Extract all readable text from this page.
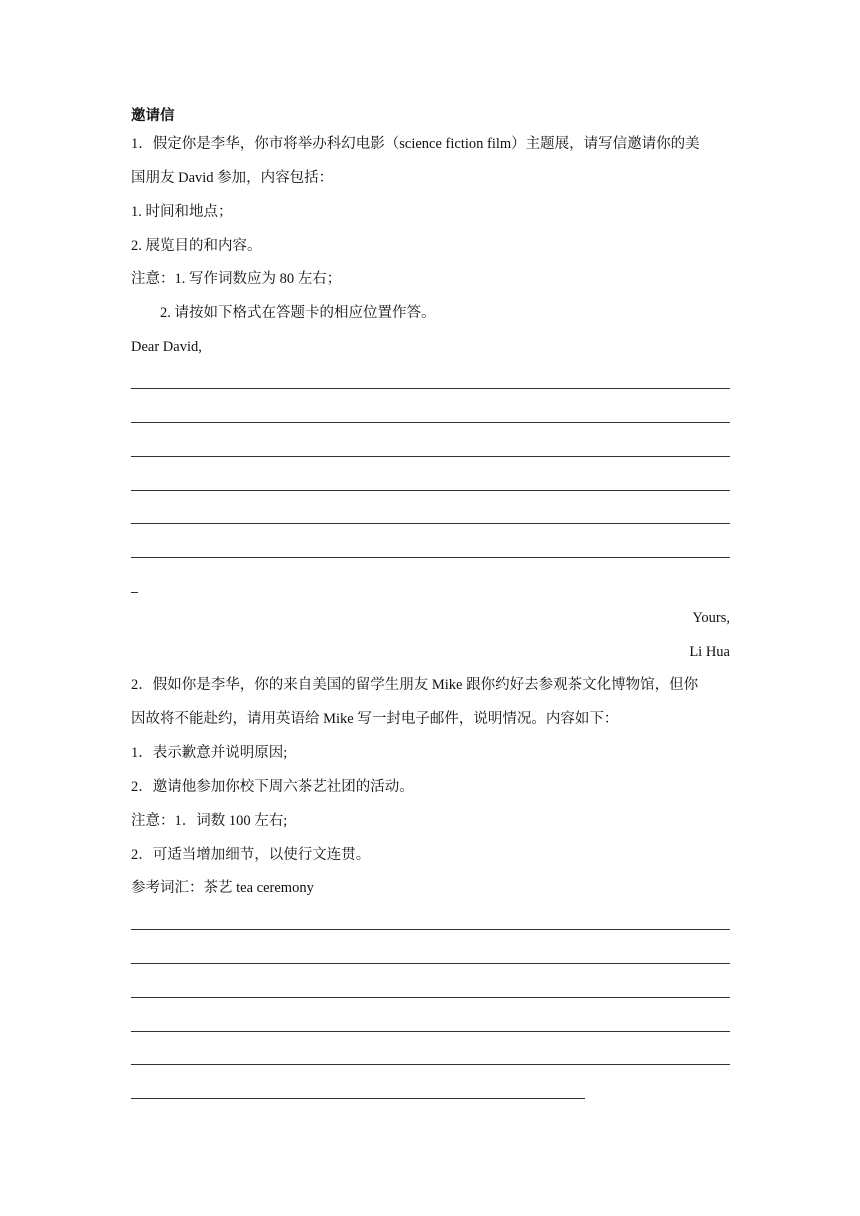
邀请信
1．假定你是李华，你市将举办科幻电影（science fiction film）主题展，请写信邀请你的美
国朋友 David 参加，内容包括：
1. 时间和地点；
2. 展览目的和内容。
注意：1. 写作词数应为 80 左右；
2. 请按如下格式在答题卡的相应位置作答。
Dear David,
Yours,
Li Hua
2．假如你是李华，你的来自美国的留学生朋友 Mike 跟你约好去参观茶文化博物馆，但你
因故将不能赴约，请用英语给 Mike 写一封电子邮件，说明情况。内容如下：
1．表示歉意并说明原因;
2．邀请他参加你校下周六茶艺社团的活动。
注意：1．词数 100 左右;
2．可适当增加细节，以使行文连贯。
参考词汇：茶艺 tea ceremony
